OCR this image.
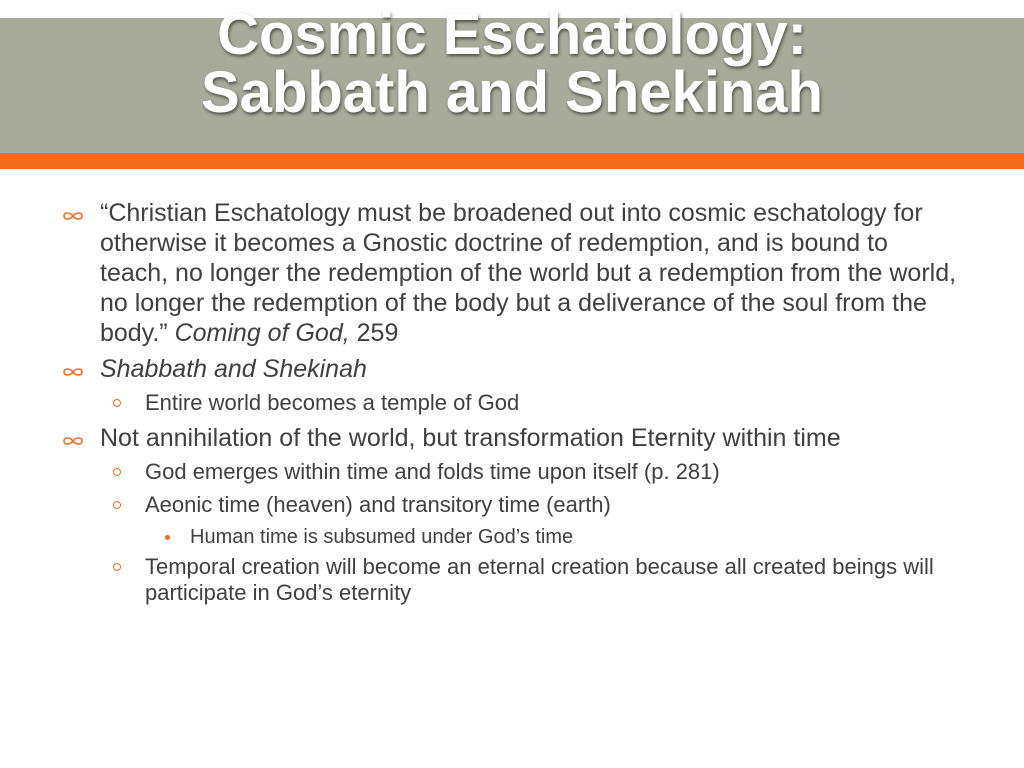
Cosmic Eschatology:
Sabbath and Shekinah
“Christian Eschatology must be broadened out into cosmic eschatology for otherwise it becomes a Gnostic doctrine of redemption, and is bound to teach, no longer the redemption of the world but a redemption from the world, no longer the redemption of the body but a deliverance of the soul from the body.” Coming of God, 259
Shabbath and Shekinah
Entire world becomes a temple of God
Not annihilation of the world, but transformation Eternity within time
God emerges within time and folds time upon itself (p. 281)
Aeonic time (heaven) and transitory time (earth)
Human time is subsumed under God’s time
Temporal creation will become an eternal creation because all created beings will participate in God’s eternity
